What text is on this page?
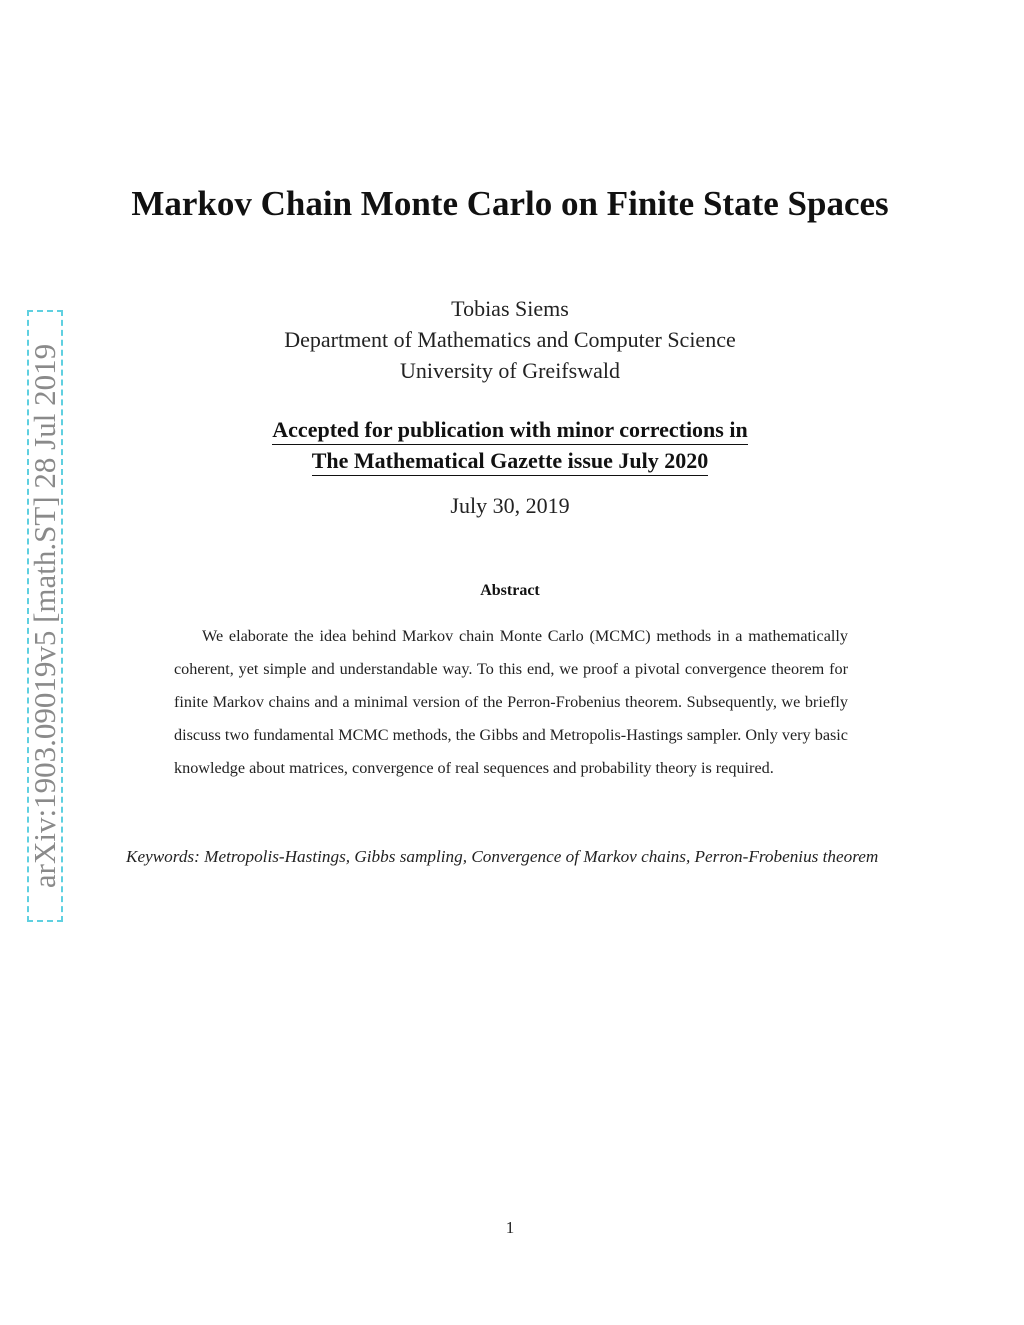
arXiv:1903.09019v5 [math.ST] 28 Jul 2019
Markov Chain Monte Carlo on Finite State Spaces
Tobias Siems
Department of Mathematics and Computer Science
University of Greifswald
Accepted for publication with minor corrections in
The Mathematical Gazette issue July 2020
July 30, 2019
Abstract
We elaborate the idea behind Markov chain Monte Carlo (MCMC) methods in a mathematically coherent, yet simple and understandable way. To this end, we proof a pivotal convergence theorem for finite Markov chains and a minimal version of the Perron-Frobenius theorem. Subsequently, we briefly discuss two fundamental MCMC methods, the Gibbs and Metropolis-Hastings sampler. Only very basic knowledge about matrices, convergence of real sequences and probability theory is required.
Keywords: Metropolis-Hastings, Gibbs sampling, Convergence of Markov chains, Perron-Frobenius theorem
1
